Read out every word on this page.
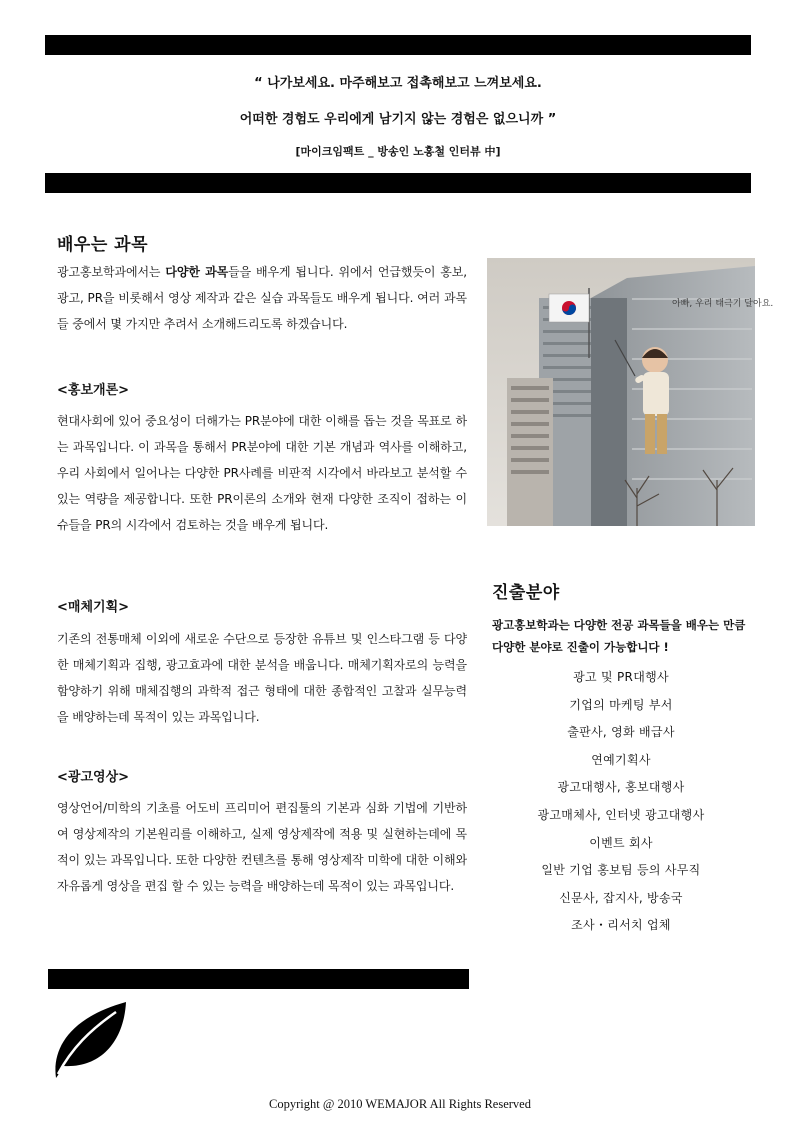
“ 나가보세요. 마주해보고 접촉해보고 느껴보세요.
어떠한 경험도 우리에게 남기지 않는 경험은 없으니까 ”
[마이크임팩트 _ 방송인 노홍철 인터뷰 中]
배우는 과목
광고홍보학과에서는 다양한 과목들을 배우게 됩니다. 위에서 언급했듯이 홍보, 광고, PR을 비롯해서 영상 제작과 같은 실습 과목들도 배우게 됩니다. 여러 과목들 중에서 몇 가지만 추려서 소개해드리도록 하겠습니다.
<홍보개론>
현대사회에 있어 중요성이 더해가는 PR분야에 대한 이해를 돕는 것을 목표로 하는 과목입니다. 이 과목을 통해서 PR분야에 대한 기본 개념과 역사를 이해하고, 우리 사회에서 일어나는 다양한 PR사례를 비판적 시각에서 바라보고 분석할 수 있는 역량을 제공합니다. 또한 PR이론의 소개와 현재 다양한 조직이 접하는 이슈들을 PR의 시각에서 검토하는 것을 배우게 됩니다.
<매체기획>
기존의 전통매체 이외에 새로운 수단으로 등장한 유튜브 및 인스타그램 등 다양한 매체기획과 집행, 광고효과에 대한 분석을 배웁니다. 매체기획자로의 능력을 함양하기 위해 매체집행의 과학적 접근 형태에 대한 종합적인 고찰과 실무능력을 배양하는데 목적이 있는 과목입니다.
<광고영상>
영상언어/미학의 기초를 어도비 프리미어 편집툴의 기본과 심화 기법에 기반하여 영상제작의 기본원리를 이해하고, 실제 영상제작에 적용 및 실현하는데에 목적이 있는 과목입니다. 또한 다양한 컨텐츠를 통해 영상제작 미학에 대한 이해와 자유롭게 영상을 편집 할 수 있는 능력을 배양하는데 목적이 있는 과목입니다.
아빠, 우리 태극기 달아요.
진출분야
광고홍보학과는 다양한 전공 과목들을 배우는 만큼 다양한 분야로 진출이 가능합니다 !
광고 및 PR대행사
기업의 마케팅 부서
출판사, 영화 배급사
연예기획사
광고대행사, 홍보대행사
광고매체사, 인터넷 광고대행사
이벤트 회사
일반 기업 홍보팀 등의 사무직
신문사, 잡지사, 방송국
조사・리서치 업체
Copyright @ 2010 WEMAJOR All Rights Reserved
